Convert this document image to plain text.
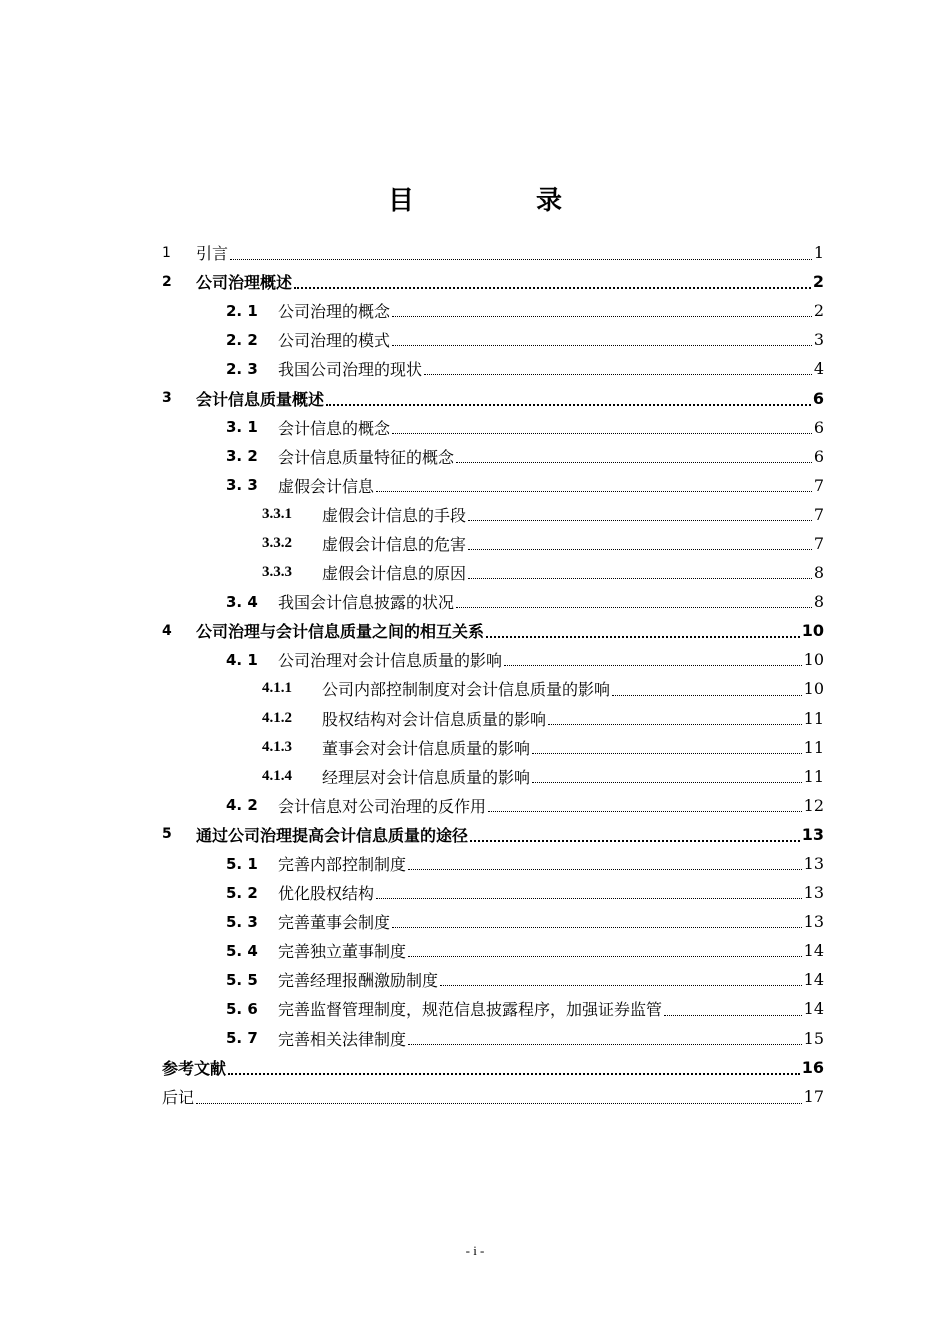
目　录
1	引言	1
2	公司治理概述	2
2. 1	公司治理的概念	2
2. 2	公司治理的模式	3
2. 3	我国公司治理的现状	4
3	会计信息质量概述	6
3. 1	会计信息的概念	6
3. 2	会计信息质量特征的概念	6
3. 3	虚假会计信息	7
3.3.1	虚假会计信息的手段	7
3.3.2	虚假会计信息的危害	7
3.3.3	虚假会计信息的原因	8
3. 4	我国会计信息披露的状况	8
4	公司治理与会计信息质量之间的相互关系	10
4. 1	公司治理对会计信息质量的影响	10
4.1.1	公司内部控制制度对会计信息质量的影响	10
4.1.2	股权结构对会计信息质量的影响	11
4.1.3	董事会对会计信息质量的影响	11
4.1.4	经理层对会计信息质量的影响	11
4. 2	会计信息对公司治理的反作用	12
5	通过公司治理提高会计信息质量的途径	13
5. 1	完善内部控制制度	13
5. 2	优化股权结构	13
5. 3	完善董事会制度	13
5. 4	完善独立董事制度	14
5. 5	完善经理报酬激励制度	14
5. 6	完善监督管理制度，规范信息披露程序，加强证券监管	14
5. 7	完善相关法律制度	15
参考文献	16
后记	17
- i -
